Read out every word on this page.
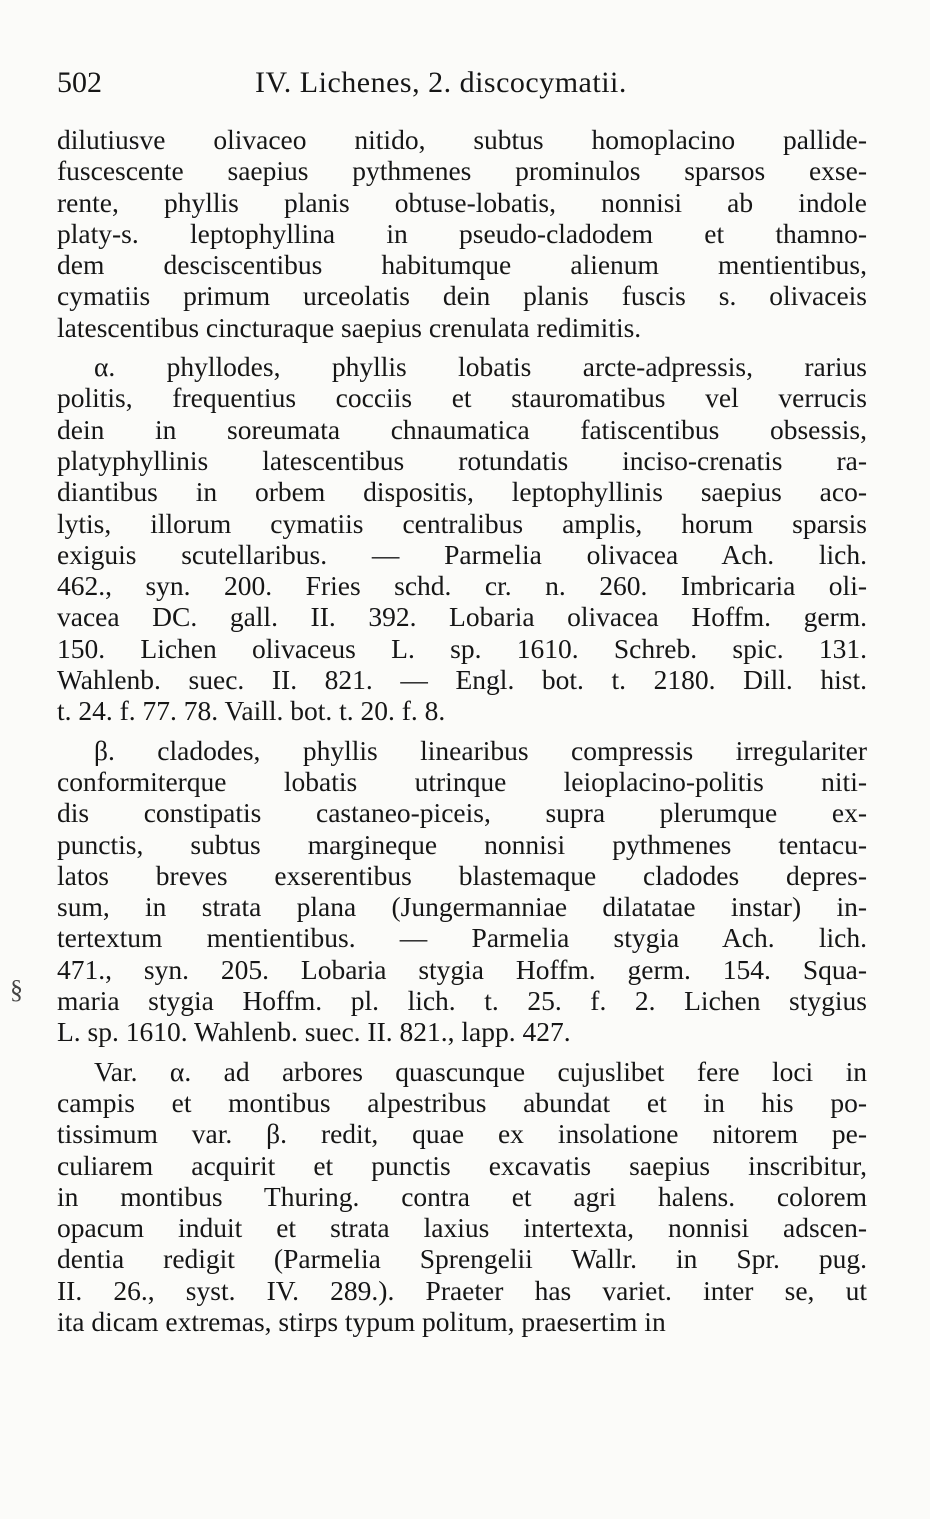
502	IV. Lichenes, 2. discocymatii.
§
dilutiusve olivaceo nitido, subtus homoplacino pallide-
fuscescente saepius pythmenes prominulos sparsos exse-
rente, phyllis planis obtuse-lobatis, nonnisi ab indole
platy-s. leptophyllina in pseudo-cladodem et thamno-
dem desciscentibus habitumque alienum mentientibus,
cymatiis primum urceolatis dein planis fuscis s. olivaceis
latescentibus cincturaque saepius crenulata redimitis.
α. phyllodes, phyllis lobatis arcte-adpressis, rarius
politis, frequentius cocciis et stauromatibus vel verrucis
dein in soreumata chnaumatica fatiscentibus obsessis,
platyphyllinis latescentibus rotundatis inciso-crenatis ra-
diantibus in orbem dispositis, leptophyllinis saepius aco-
lytis, illorum cymatiis centralibus amplis, horum sparsis
exiguis scutellaribus. — Parmelia olivacea Ach. lich.
462., syn. 200. Fries schd. cr. n. 260. Imbricaria oli-
vacea DC. gall. II. 392. Lobaria olivacea Hoffm. germ.
150. Lichen olivaceus L. sp. 1610. Schreb. spic. 131.
Wahlenb. suec. II. 821. — Engl. bot. t. 2180. Dill. hist.
t. 24. f. 77. 78. Vaill. bot. t. 20. f. 8.
β. cladodes, phyllis linearibus compressis irregulariter
conformiterque lobatis utrinque leioplacino-politis niti-
dis constipatis castaneo-piceis, supra plerumque ex-
punctis, subtus margineque nonnisi pythmenes tentacu-
latos breves exserentibus blastemaque cladodes depres-
sum, in strata plana (Jungermanniae dilatatae instar) in-
tertextum mentientibus. — Parmelia stygia Ach. lich.
471., syn. 205. Lobaria stygia Hoffm. germ. 154. Squa-
maria stygia Hoffm. pl. lich. t. 25. f. 2. Lichen stygius
L. sp. 1610. Wahlenb. suec. II. 821., lapp. 427.
Var. α. ad arbores quascunque cujuslibet fere loci in
campis et montibus alpestribus abundat et in his po-
tissimum var. β. redit, quae ex insolatione nitorem pe-
culiarem acquirit et punctis excavatis saepius inscribitur,
in montibus Thuring. contra et agri halens. colorem
opacum induit et strata laxius intertexta, nonnisi adscen-
dentia redigit (Parmelia Sprengelii Wallr. in Spr. pug.
II. 26., syst. IV. 289.). Praeter has variet. inter se, ut
ita dicam extremas, stirps typum politum, praesertim in
